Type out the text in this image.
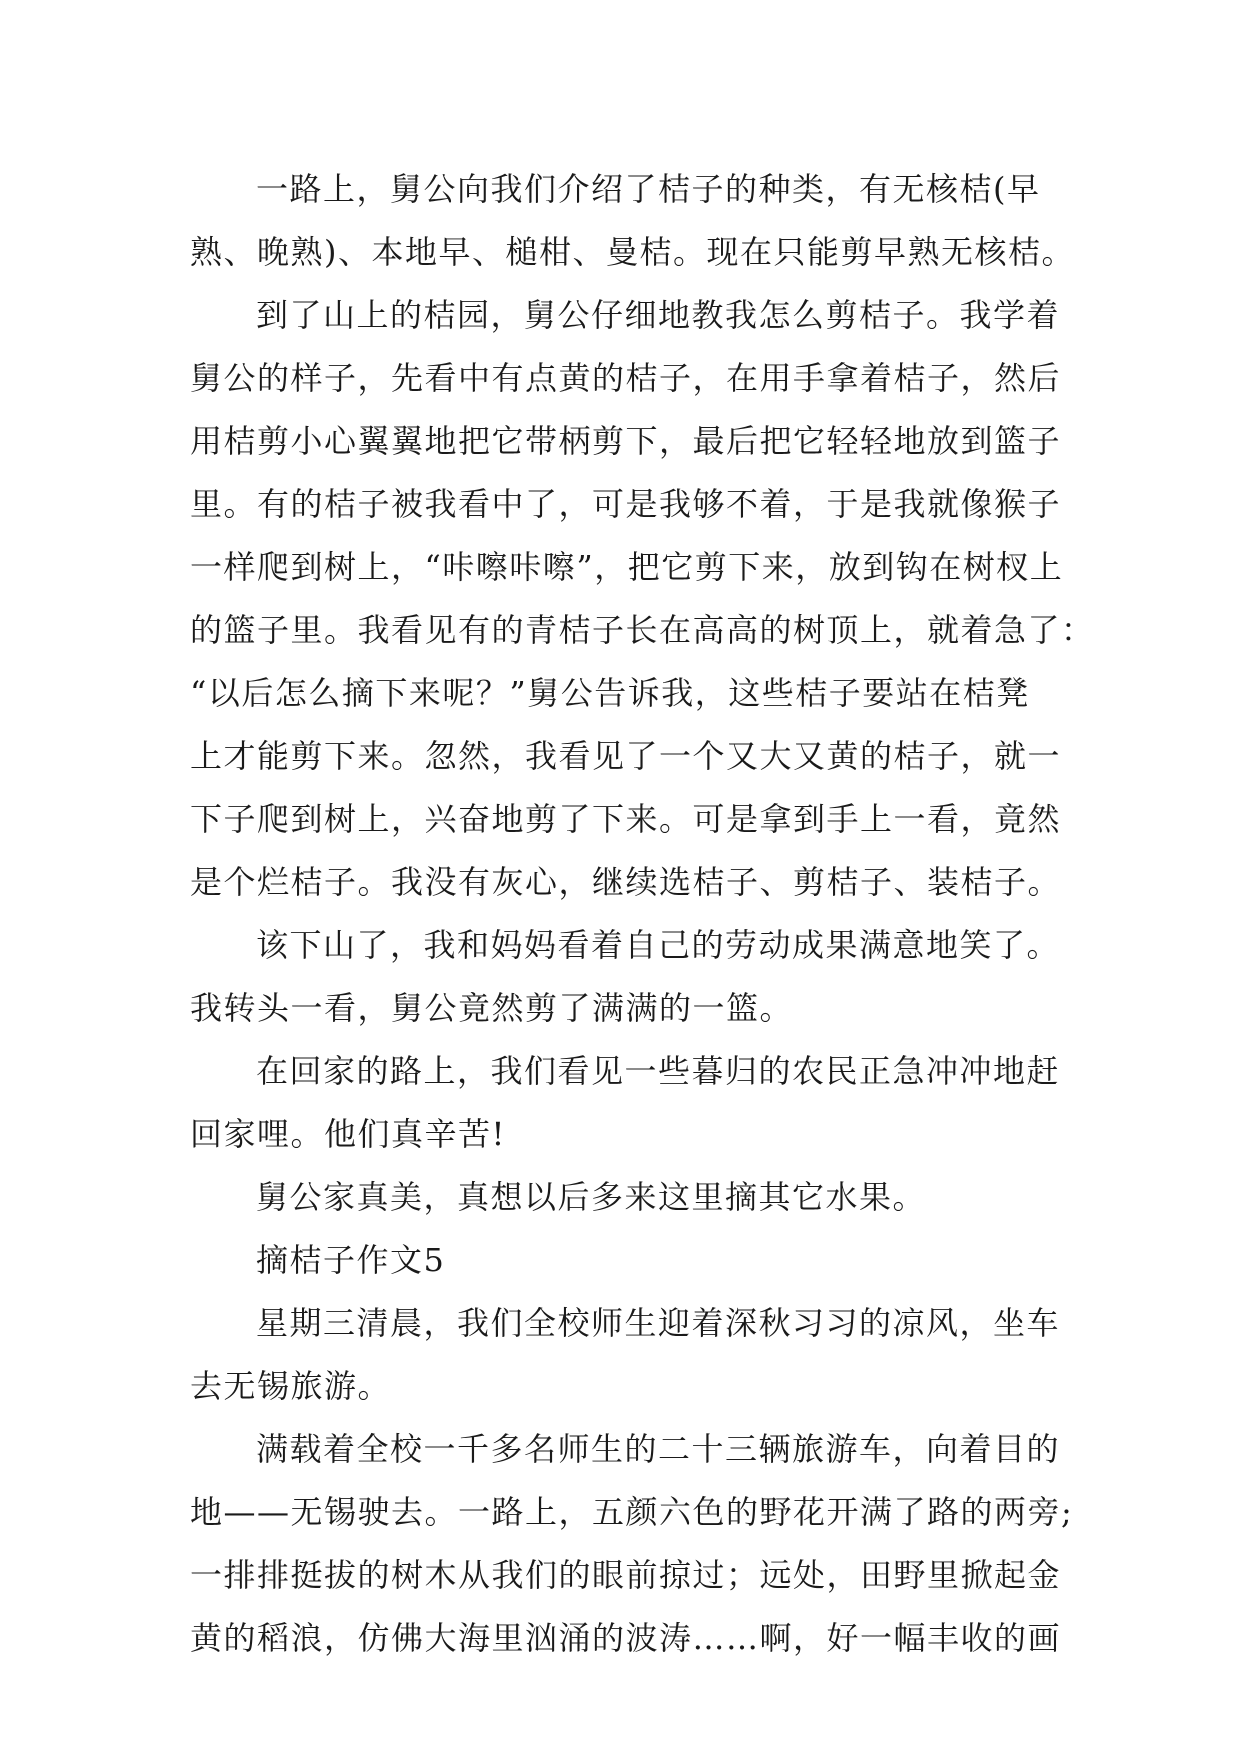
一路上，舅公向我们介绍了桔子的种类，有无核桔(早
熟、晚熟)、本地早、槌柑、曼桔。现在只能剪早熟无核桔。
到了山上的桔园，舅公仔细地教我怎么剪桔子。我学着
舅公的样子，先看中有点黄的桔子，在用手拿着桔子，然后
用桔剪小心翼翼地把它带柄剪下，最后把它轻轻地放到篮子
里。有的桔子被我看中了，可是我够不着，于是我就像猴子
一样爬到树上，“咔嚓咔嚓”，把它剪下来，放到钩在树杈上
的篮子里。我看见有的青桔子长在高高的树顶上，就着急了：
“以后怎么摘下来呢？”舅公告诉我，这些桔子要站在桔凳
上才能剪下来。忽然，我看见了一个又大又黄的桔子，就一
下子爬到树上，兴奋地剪了下来。可是拿到手上一看，竟然
是个烂桔子。我没有灰心，继续选桔子、剪桔子、装桔子。
该下山了，我和妈妈看着自己的劳动成果满意地笑了。
我转头一看，舅公竟然剪了满满的一篮。
在回家的路上，我们看见一些暮归的农民正急冲冲地赶
回家哩。他们真辛苦!
舅公家真美，真想以后多来这里摘其它水果。
摘桔子作文5
星期三清晨，我们全校师生迎着深秋习习的凉风，坐车
去无锡旅游。
满载着全校一千多名师生的二十三辆旅游车，向着目的
地——无锡驶去。一路上，五颜六色的野花开满了路的两旁;
一排排挺拔的树木从我们的眼前掠过；远处，田野里掀起金
黄的稻浪，仿佛大海里汹涌的波涛……啊，好一幅丰收的画
